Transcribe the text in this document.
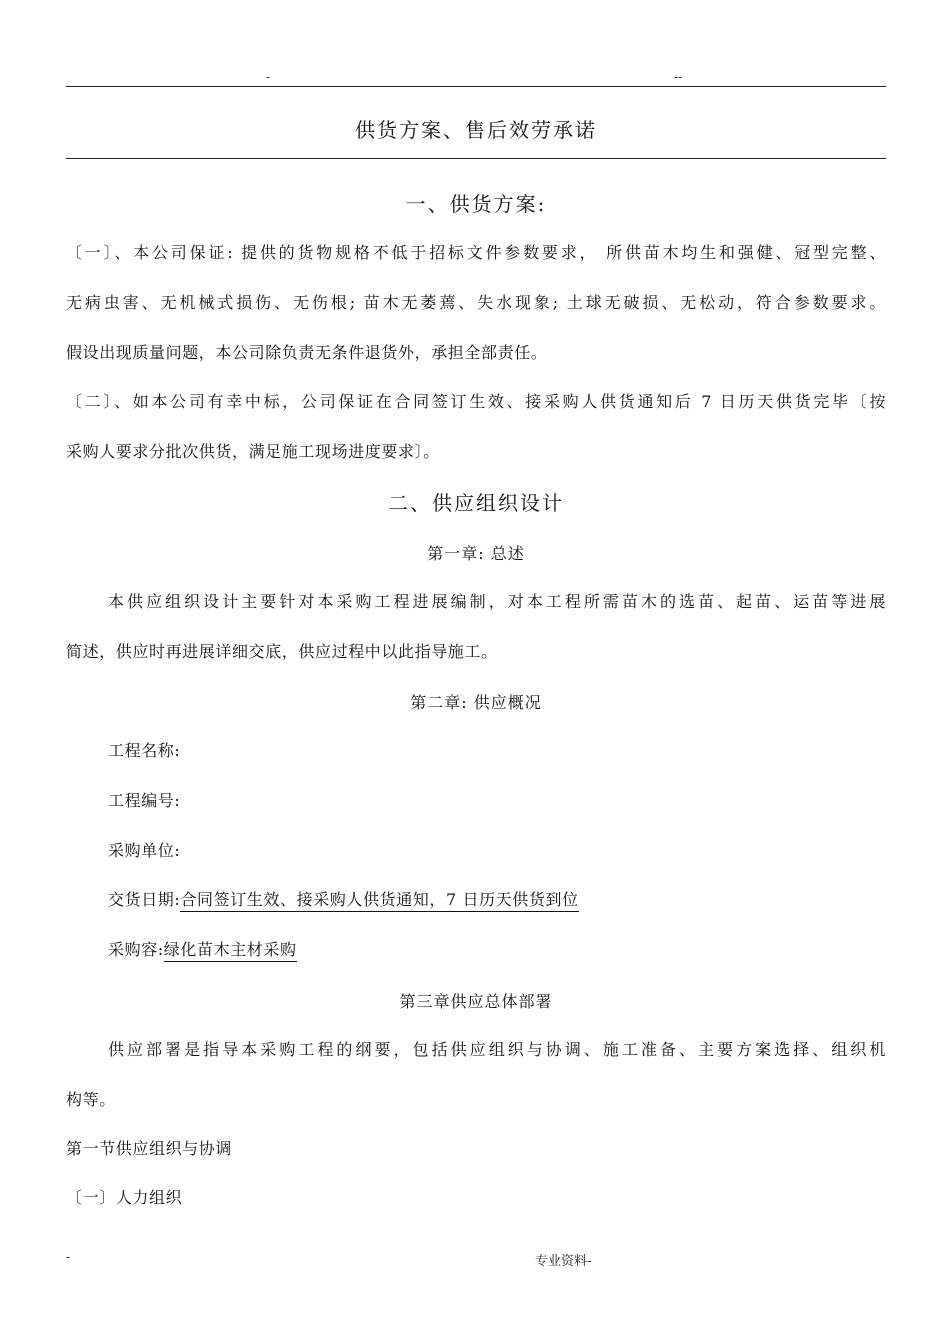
-	--
供货方案、售后效劳承诺
一、供货方案:
〔一〕、本公司保证: 提供的货物规格不低于招标文件参数要求， 所供苗木均生和强健、冠型完整、
无病虫害、无机械式损伤、无伤根; 苗木无萎蔫、失水现象; 土球无破损、无松动，符合参数要求。
假设出现质量问题，本公司除负责无条件退货外，承担全部责任。
〔二〕、如本公司有幸中标，公司保证在合同签订生效、接采购人供货通知后 7 日历天供货完毕〔按
采购人要求分批次供货，满足施工现场进度要求〕。
二、供应组织设计
第一章: 总述
本供应组织设计主要针对本采购工程进展编制，对本工程所需苗木的选苗、起苗、运苗等进展
简述，供应时再进展详细交底，供应过程中以此指导施工。
第二章: 供应概况
工程名称:
工程编号:
采购单位:
交货日期:合同签订生效、接采购人供货通知，7 日历天供货到位
采购容:绿化苗木主材采购
第三章供应总体部署
供应部署是指导本采购工程的纲要，包括供应组织与协调、施工准备、主要方案选择、组织机
构等。
第一节供应组织与协调
〔一〕人力组织
-	专业资料-
